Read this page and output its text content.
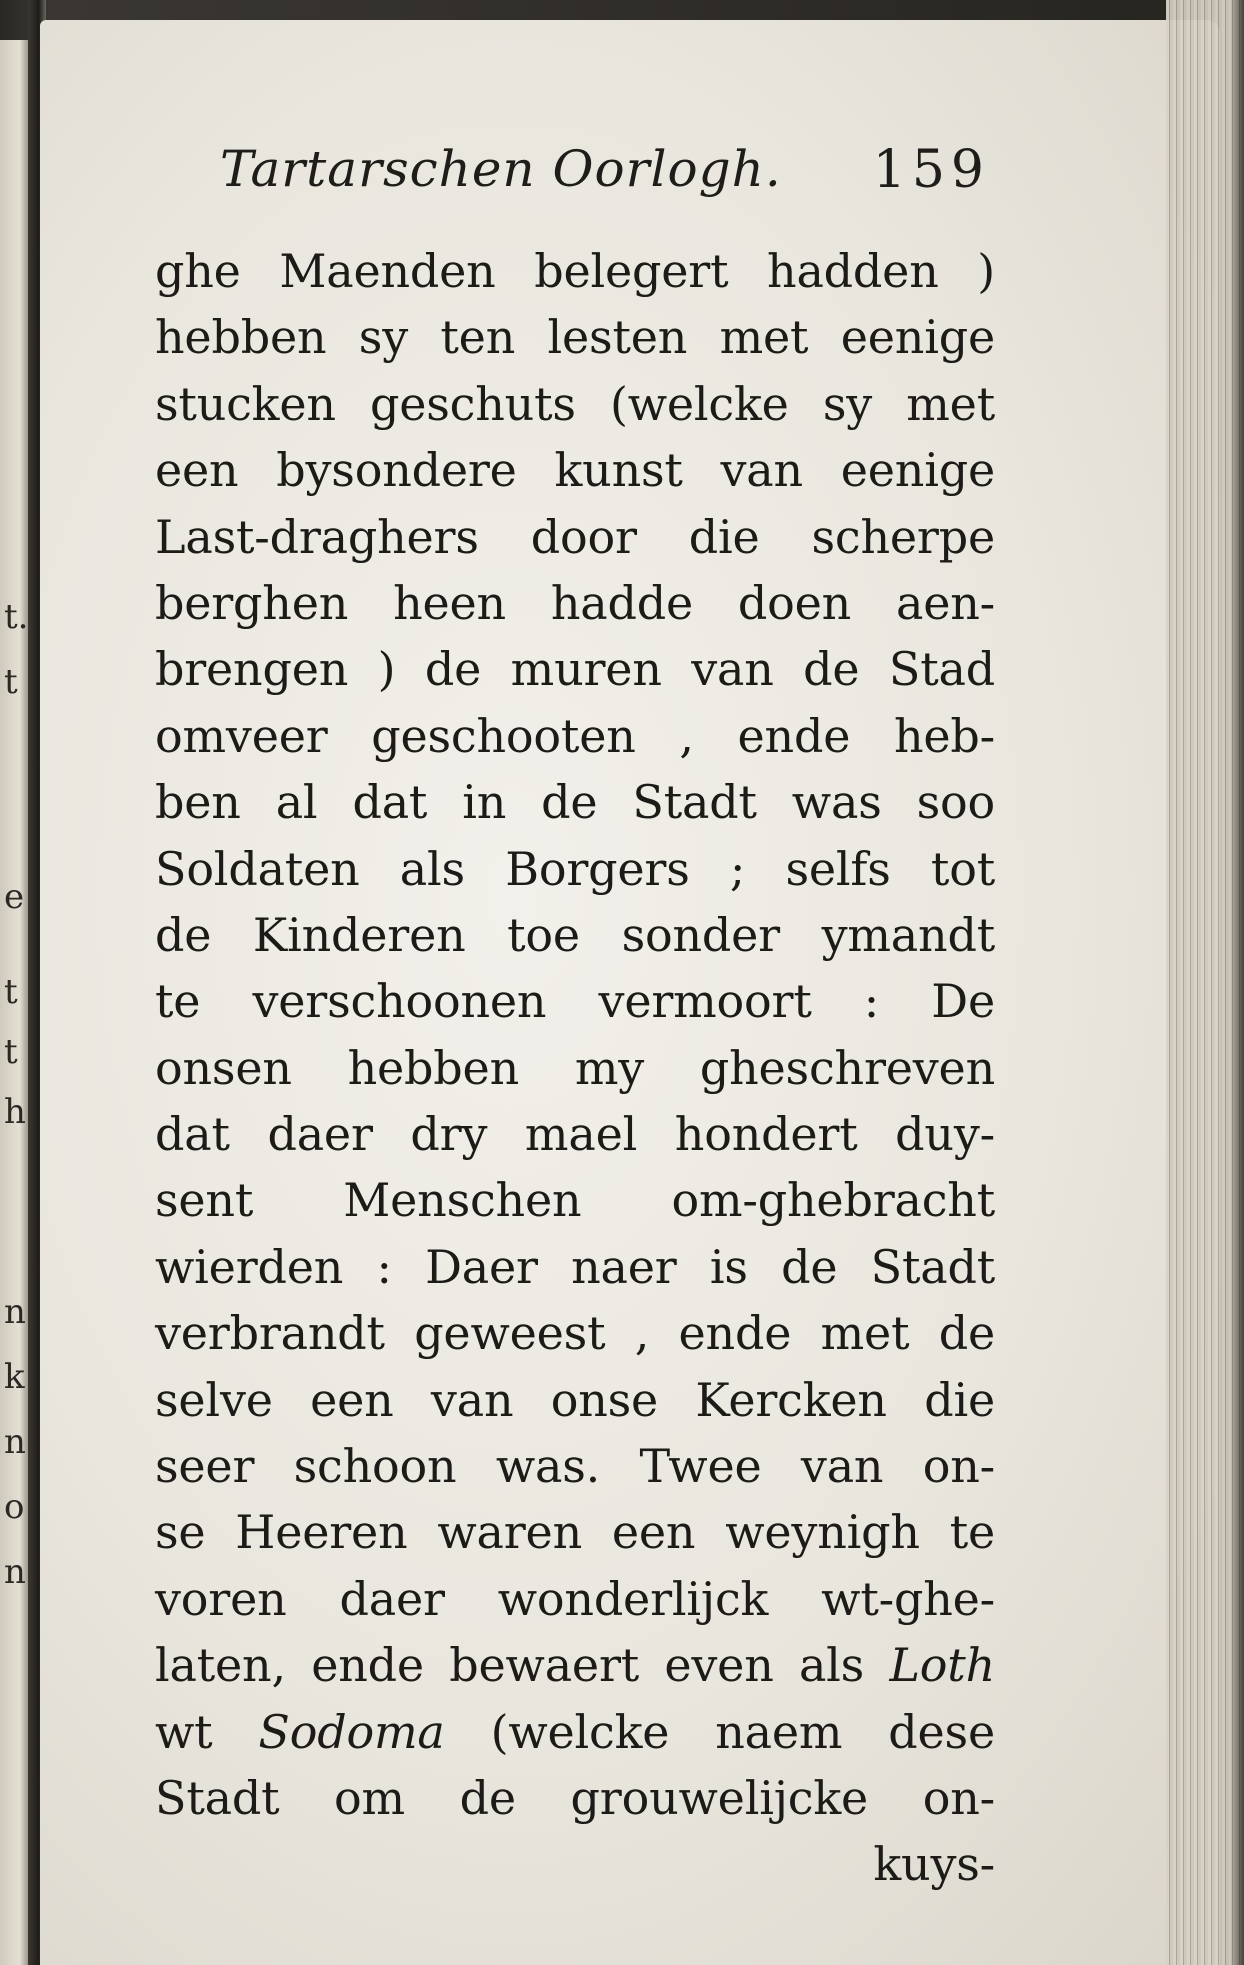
t.
t
e
t
t
h
n
k
n
o
n
Tartarschen Oorlogh. 159
ghe Maenden belegert hadden )
hebben sy ten lesten met eenige
stucken geschuts (welcke sy met
een bysondere kunst van eenige
Last-draghers door die scherpe
berghen heen hadde doen aen-
brengen ) de muren van de Stad
omveer geschooten , ende heb-
ben al dat in de Stadt was soo
Soldaten als Borgers ; selfs tot
de Kinderen toe sonder ymandt
te verschoonen vermoort : De
onsen hebben my gheschreven
dat daer dry mael hondert duy-
sent Menschen om-ghebracht
wierden : Daer naer is de Stadt
verbrandt geweest , ende met de
selve een van onse Kercken die
seer schoon was. Twee van on-
se Heeren waren een weynigh te
voren daer wonderlijck wt-ghe-
laten, ende bewaert even als Loth
wt Sodoma (welcke naem dese
Stadt om de grouwelijcke on-
kuys-
